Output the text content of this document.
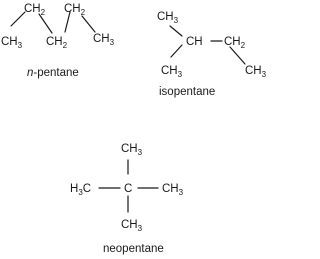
$CH_2$ $CH_2$
$CH_3$ $CH_2$
$CH_3$
n-pentane
$CH_3$
CH $CH_2$
$CH_3$	$CH_3$
isopentane
$CH_3$
$H_3C$	C	$CH_3$
$CH_3$
neopentane
